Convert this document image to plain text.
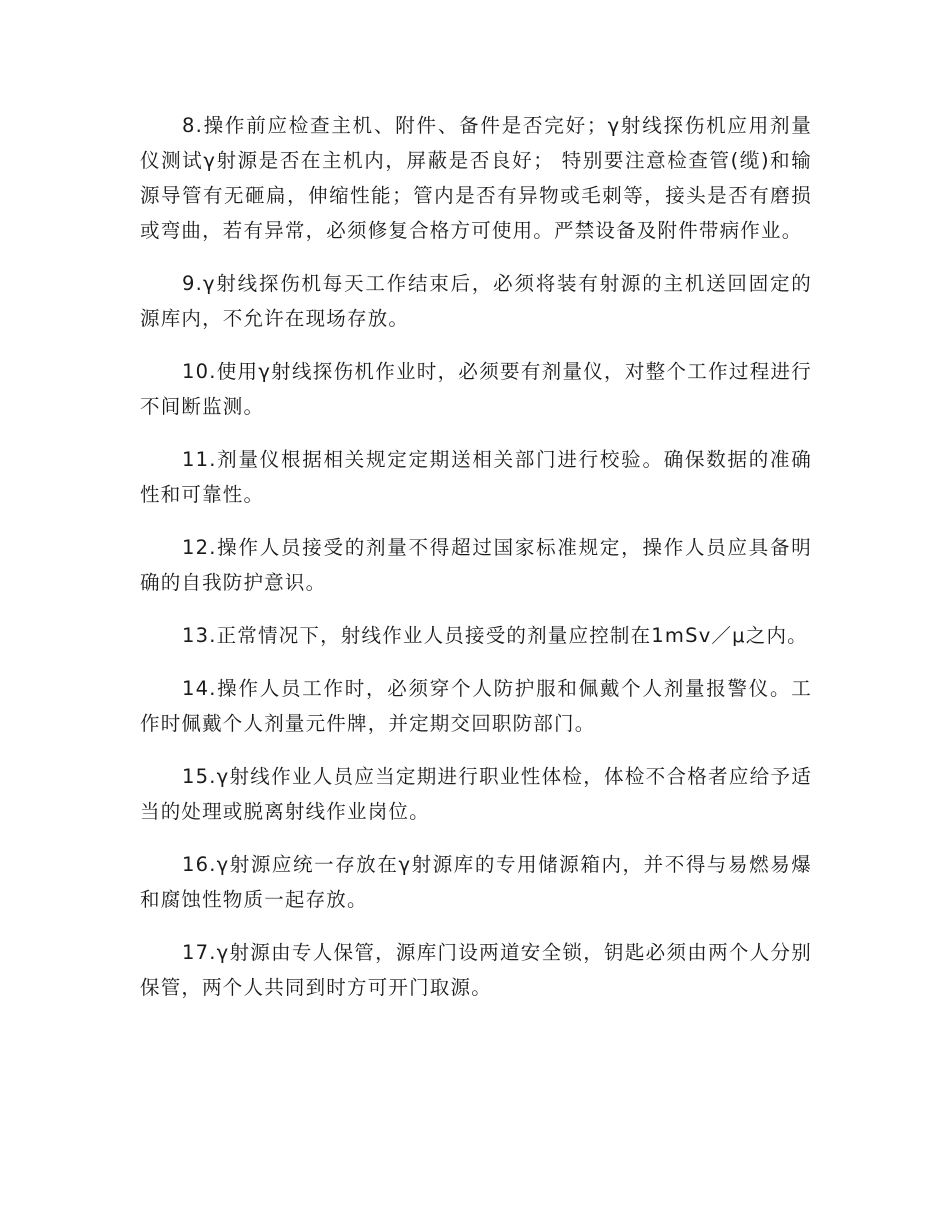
8.操作前应检查主机、附件、备件是否完好；γ射线探伤机应用剂量仪测试γ射源是否在主机内，屏蔽是否良好； 特别要注意检查管(缆)和输源导管有无砸扁，伸缩性能；管内是否有异物或毛刺等，接头是否有磨损或弯曲，若有异常，必须修复合格方可使用。严禁设备及附件带病作业。

9.γ射线探伤机每天工作结束后，必须将装有射源的主机送回固定的源库内，不允许在现场存放。

10.使用γ射线探伤机作业时，必须要有剂量仪，对整个工作过程进行不间断监测。

11.剂量仪根据相关规定定期送相关部门进行校验。确保数据的准确性和可靠性。

12.操作人员接受的剂量不得超过国家标准规定，操作人员应具备明确的自我防护意识。

13.正常情况下，射线作业人员接受的剂量应控制在1mSv／μ之内。

14.操作人员工作时，必须穿个人防护服和佩戴个人剂量报警仪。工作时佩戴个人剂量元件牌，并定期交回职防部门。

15.γ射线作业人员应当定期进行职业性体检，体检不合格者应给予适当的处理或脱离射线作业岗位。

16.γ射源应统一存放在γ射源库的专用储源箱内，并不得与易燃易爆和腐蚀性物质一起存放。

17.γ射源由专人保管，源库门设两道安全锁，钥匙必须由两个人分别保管，两个人共同到时方可开门取源。
